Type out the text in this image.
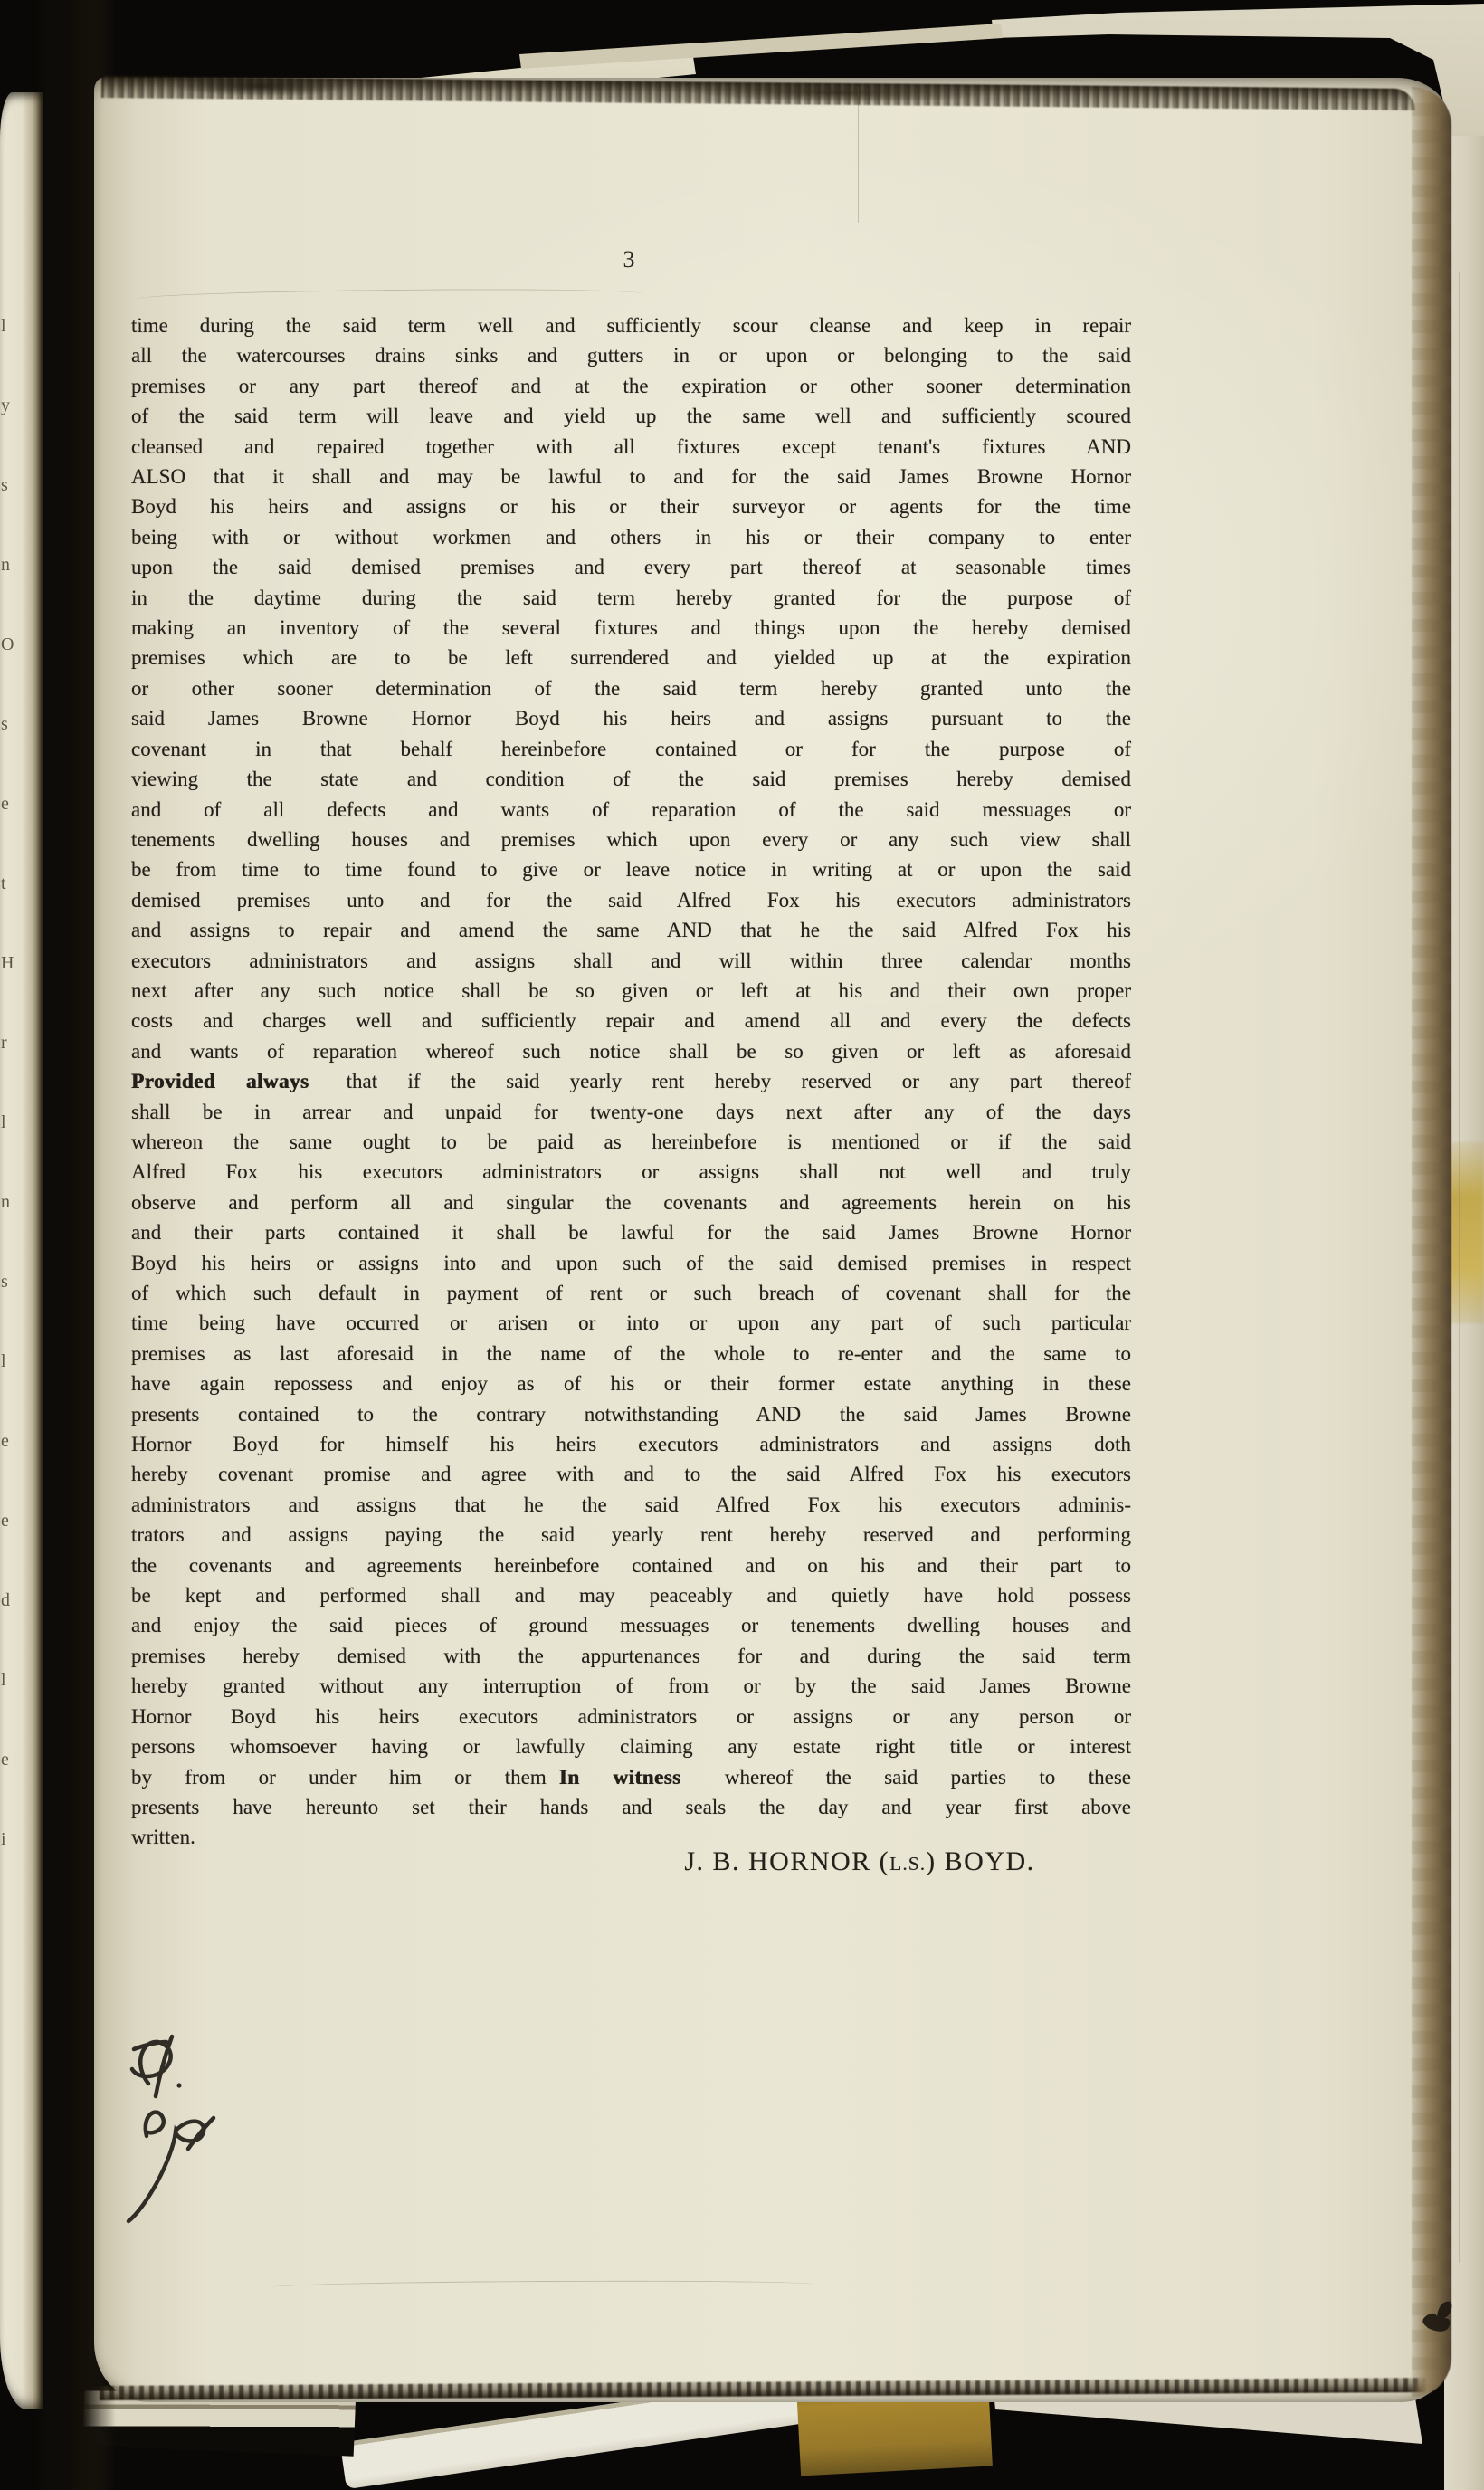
l
y
s
n
O
s
e
t
H
r
l
n
s
l
e
e
d
l
e
i
3
time during the said term well and sufficiently scour cleanse and keep in repair
all the watercourses drains sinks and gutters in or upon or belonging to the said
premises or any part thereof and at the expiration or other sooner determination
of the said term will leave and yield up the same well and sufficiently scoured
cleansed and repaired together with all fixtures except tenant's fixtures AND
ALSO that it shall and may be lawful to and for the said James Browne Hornor
Boyd his heirs and assigns or his or their surveyor or agents for the time
being with or without workmen and others in his or their company to enter
upon the said demised premises and every part thereof at seasonable times
in the daytime during the said term hereby granted for the purpose of
making an inventory of the several fixtures and things upon the hereby demised
premises which are to be left surrendered and yielded up at the expiration
or other sooner determination of the said term hereby granted unto the
said James Browne Hornor Boyd his heirs and assigns pursuant to the
covenant in that behalf hereinbefore contained or for the purpose of
viewing the state and condition of the said premises hereby demised
and of all defects and wants of reparation of the said messuages or
tenements dwelling houses and premises which upon every or any such view shall
be from time to time found to give or leave notice in writing at or upon the said
demised premises unto and for the said Alfred Fox his executors administrators
and assigns to repair and amend the same AND that he the said Alfred Fox his
executors administrators and assigns shall and will within three calendar months
next after any such notice shall be so given or left at his and their own proper
costs and charges well and sufficiently repair and amend all and every the defects
and wants of reparation whereof such notice shall be so given or left as aforesaid
Provided always that if the said yearly rent hereby reserved or any part thereof
shall be in arrear and unpaid for twenty-one days next after any of the days
whereon the same ought to be paid as hereinbefore is mentioned or if the said
Alfred Fox his executors administrators or assigns shall not well and truly
observe and perform all and singular the covenants and agreements herein on his
and their parts contained it shall be lawful for the said James Browne Hornor
Boyd his heirs or assigns into and upon such of the said demised premises in respect
of which such default in payment of rent or such breach of covenant shall for the
time being have occurred or arisen or into or upon any part of such particular
premises as last aforesaid in the name of the whole to re-enter and the same to
have again repossess and enjoy as of his or their former estate anything in these
presents contained to the contrary notwithstanding AND the said James Browne
Hornor Boyd for himself his heirs executors administrators and assigns doth
hereby covenant promise and agree with and to the said Alfred Fox his executors
administrators and assigns that he the said Alfred Fox his executors adminis-
trators and assigns paying the said yearly rent hereby reserved and performing
the covenants and agreements hereinbefore contained and on his and their part to
be kept and performed shall and may peaceably and quietly have hold possess
and enjoy the said pieces of ground messuages or tenements dwelling houses and
premises hereby demised with the appurtenances for and during the said term
hereby granted without any interruption of from or by the said James Browne
Hornor Boyd his heirs executors administrators or assigns or any person or
persons whomsoever having or lawfully claiming any estate right title or interest
by from or under him or them In witness whereof the said parties to these
presents have hereunto set their hands and seals the day and year first above
written.
J. B. HORNOR (L.S.) BOYD.
